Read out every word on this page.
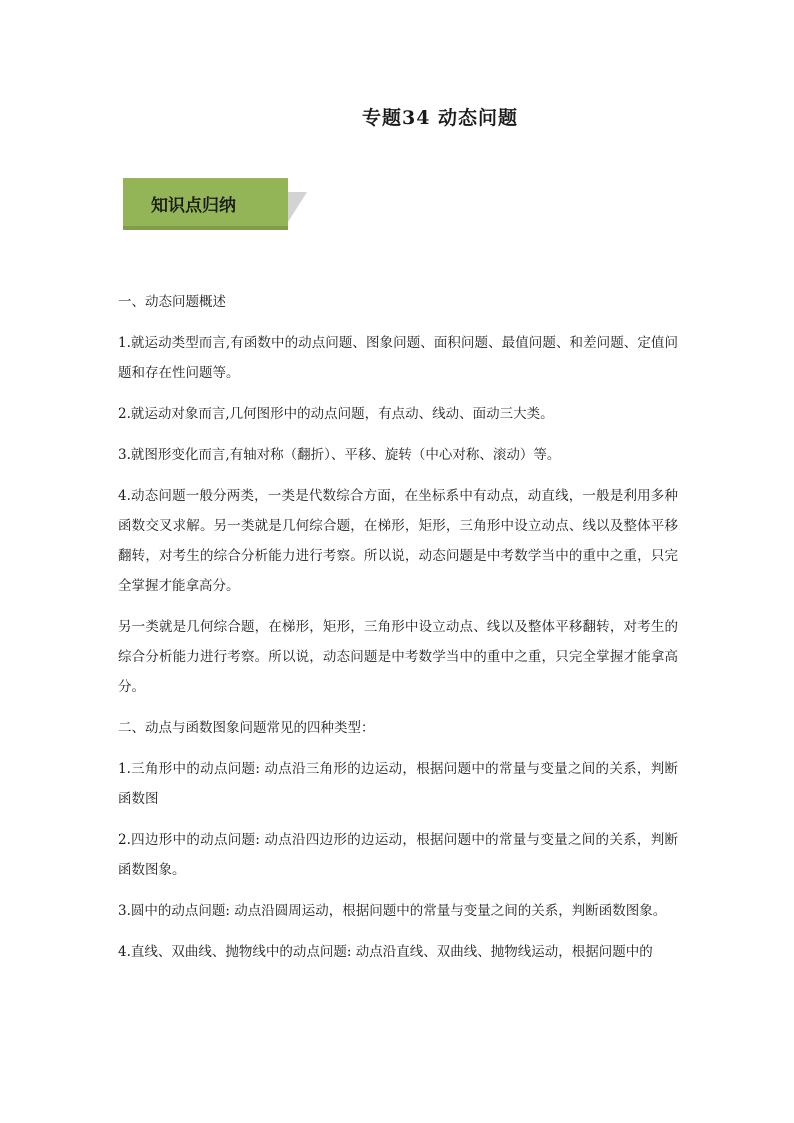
专题34 动态问题
知识点归纳

一、动态问题概述

1.就运动类型而言,有函数中的动点问题、图象问题、面积问题、最值问题、和差问题、定值问题和存在性问题等。

2.就运动对象而言,几何图形中的动点问题，有点动、线动、面动三大类。

3.就图形变化而言,有轴对称（翻折）、平移、旋转（中心对称、滚动）等。

4.动态问题一般分两类，一类是代数综合方面，在坐标系中有动点，动直线，一般是利用多种函数交叉求解。另一类就是几何综合题，在梯形，矩形，三角形中设立动点、线以及整体平移翻转，对考生的综合分析能力进行考察。所以说，动态问题是中考数学当中的重中之重，只完全掌握才能拿高分。

另一类就是几何综合题，在梯形，矩形，三角形中设立动点、线以及整体平移翻转，对考生的综合分析能力进行考察。所以说，动态问题是中考数学当中的重中之重，只完全掌握才能拿高分。

二、动点与函数图象问题常见的四种类型：

1.三角形中的动点问题: 动点沿三角形的边运动，根据问题中的常量与变量之间的关系，判断函数图

2.四边形中的动点问题: 动点沿四边形的边运动，根据问题中的常量与变量之间的关系，判断函数图象。

3.圆中的动点问题: 动点沿圆周运动，根据问题中的常量与变量之间的关系，判断函数图象。

4.直线、双曲线、抛物线中的动点问题: 动点沿直线、双曲线、抛物线运动，根据问题中的
